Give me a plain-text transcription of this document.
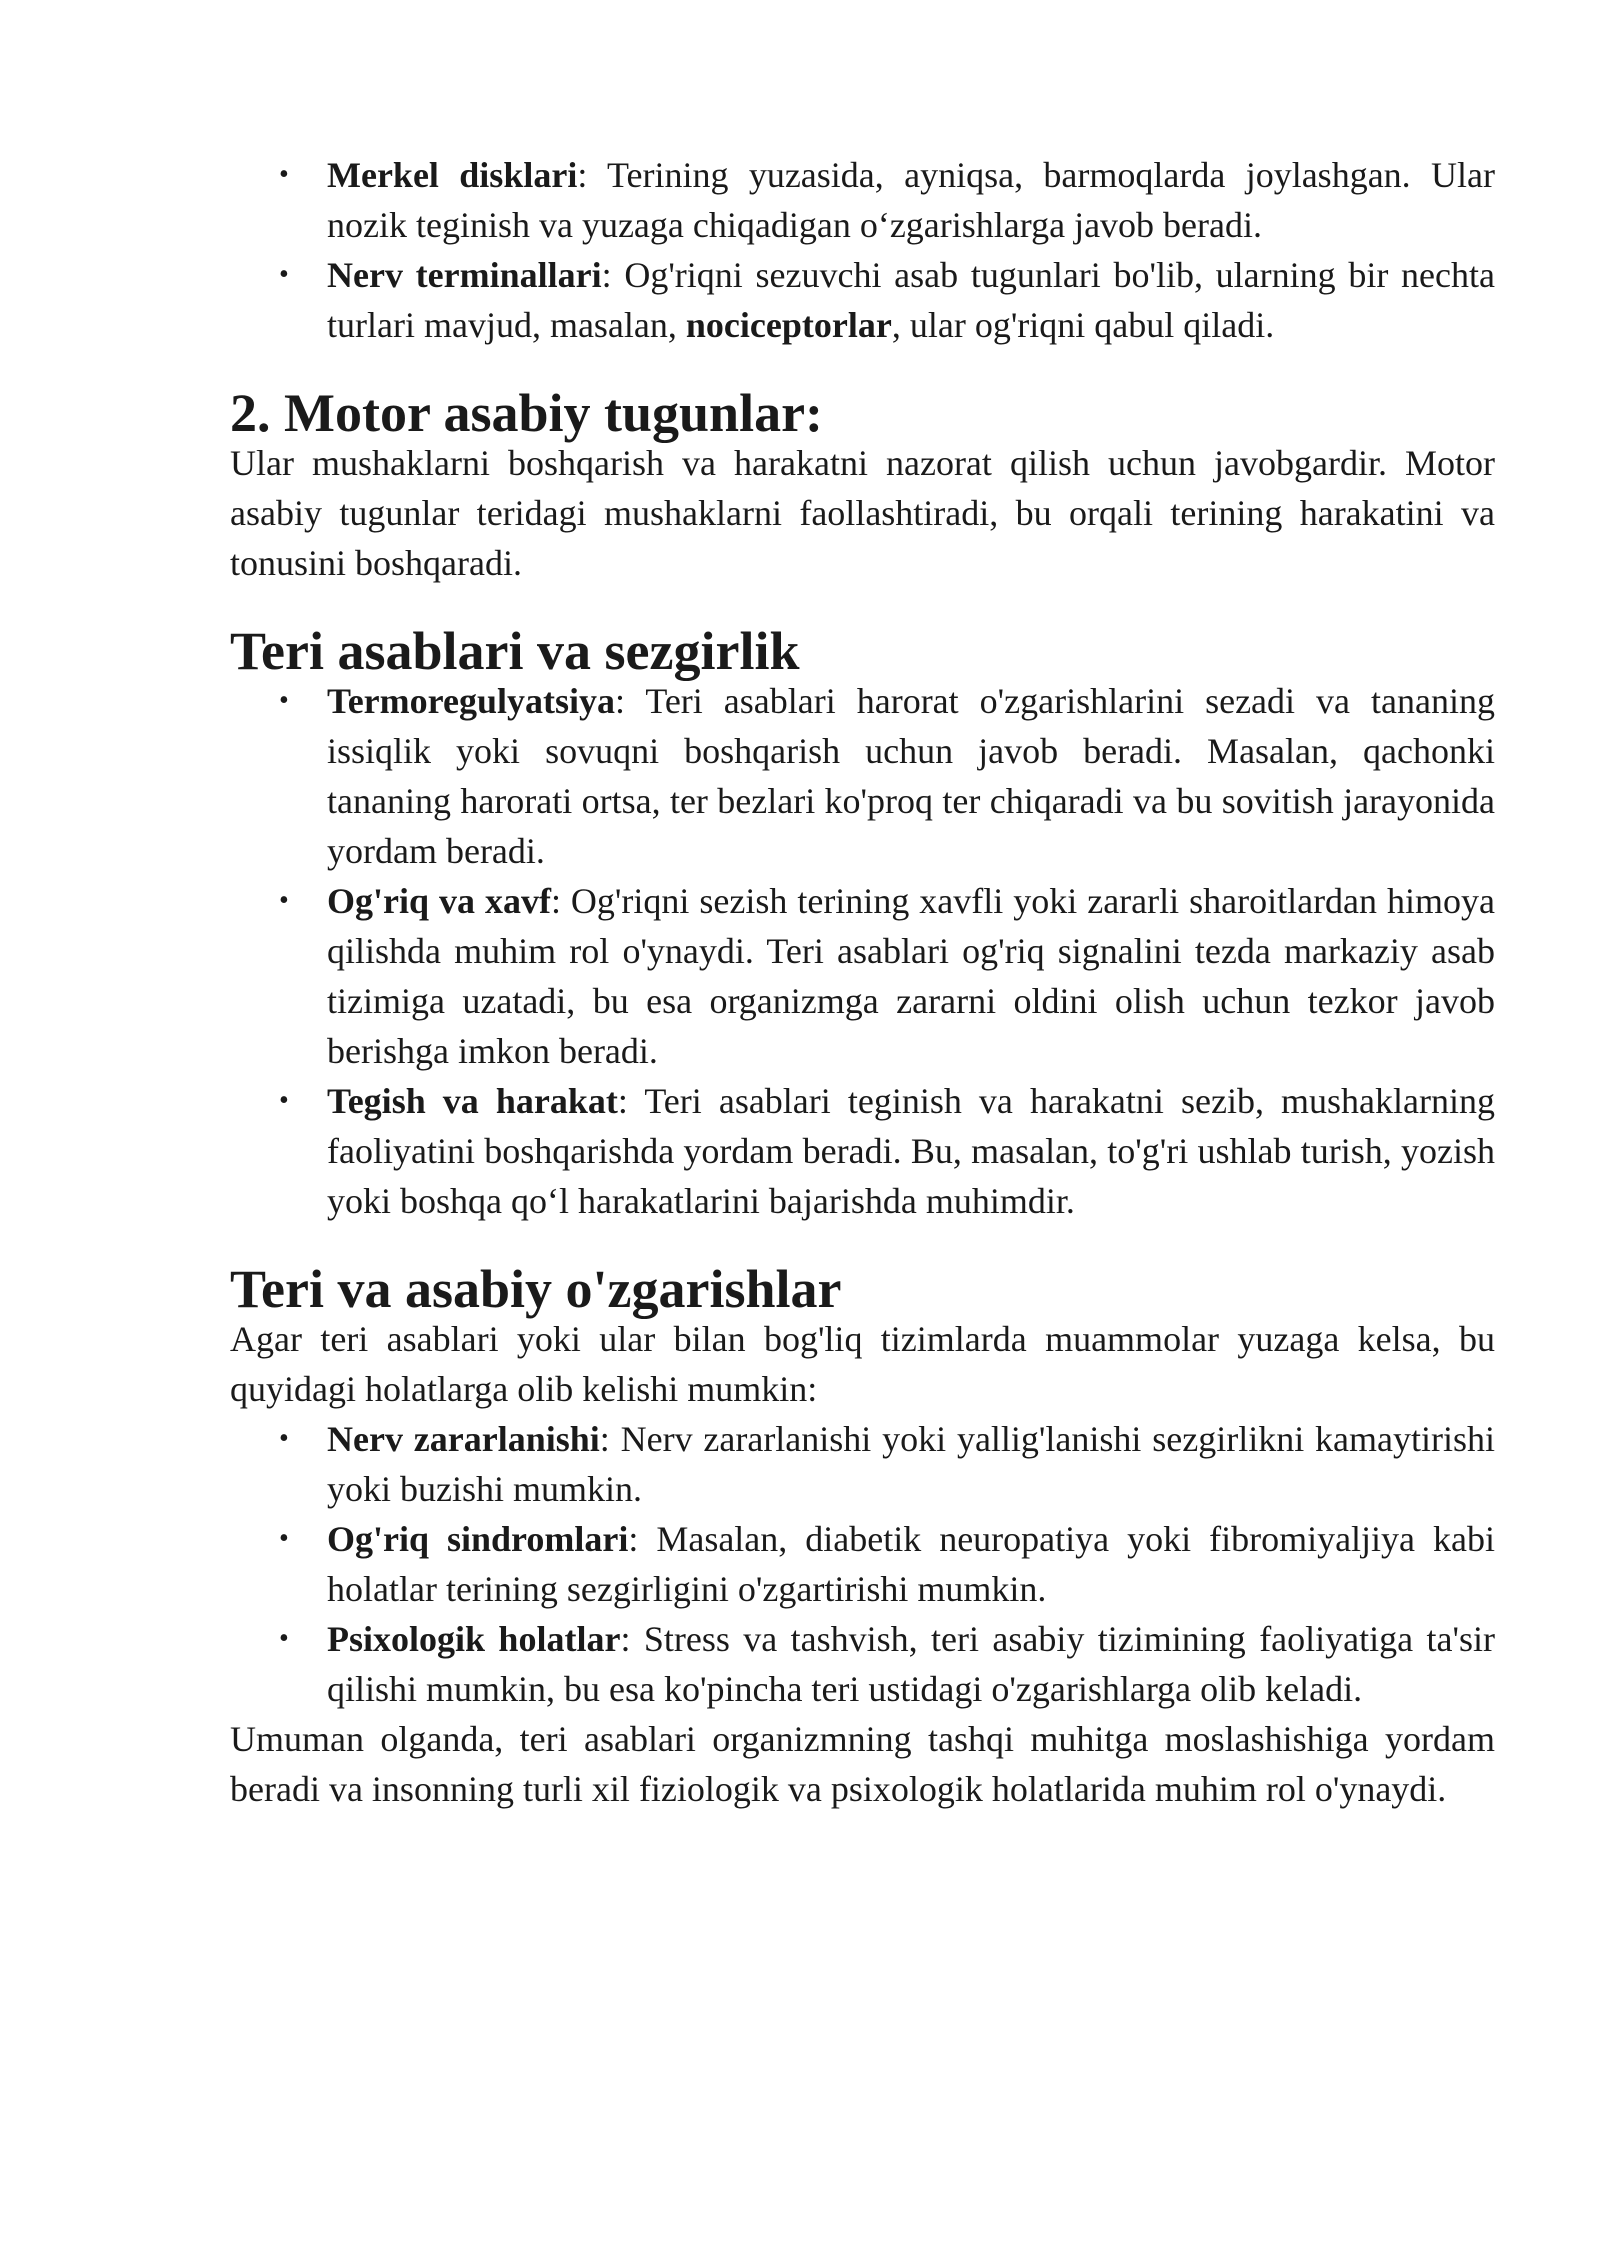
• Merkel disklari: Terining yuzasida, ayniqsa, barmoqlarda joylashgan. Ular nozik teginish va yuzaga chiqadigan o‘zgarishlarga javob beradi.
• Nerv terminallari: Og'riqni sezuvchi asab tugunlari bo'lib, ularning bir nechta turlari mavjud, masalan, nociceptorlar, ular og'riqni qabul qiladi.
2. Motor asabiy tugunlar:

Ular mushaklarni boshqarish va harakatni nazorat qilish uchun javobgardir. Motor asabiy tugunlar teridagi mushaklarni faollashtiradi, bu orqali terining harakatini va tonusini boshqaradi.

Teri asablari va sezgirlik
• Termoregulyatsiya: Teri asablari harorat o'zgarishlarini sezadi va tananing issiqlik yoki sovuqni boshqarish uchun javob beradi. Masalan, qachonki tananing harorati ortsa, ter bezlari ko'proq ter chiqaradi va bu sovitish jarayonida yordam beradi.
• Og'riq va xavf: Og'riqni sezish terining xavfli yoki zararli sharoitlardan himoya qilishda muhim rol o'ynaydi. Teri asablari og'riq signalini tezda markaziy asab tizimiga uzatadi, bu esa organizmga zararni oldini olish uchun tezkor javob berishga imkon beradi.
• Tegish va harakat: Teri asablari teginish va harakatni sezib, mushaklarning faoliyatini boshqarishda yordam beradi. Bu, masalan, to'g'ri ushlab turish, yozish yoki boshqa qo‘l harakatlarini bajarishda muhimdir.
Teri va asabiy o'zgarishlar

Agar teri asablari yoki ular bilan bog'liq tizimlarda muammolar yuzaga kelsa, bu quyidagi holatlarga olib kelishi mumkin:

• Nerv zararlanishi: Nerv zararlanishi yoki yallig'lanishi sezgirlikni kamaytirishi yoki buzishi mumkin.
• Og'riq sindromlari: Masalan, diabetik neuropatiya yoki fibromiyaljiya kabi holatlar terining sezgirligini o'zgartirishi mumkin.
• Psixologik holatlar: Stress va tashvish, teri asabiy tizimining faoliyatiga ta'sir qilishi mumkin, bu esa ko'pincha teri ustidagi o'zgarishlarga olib keladi.

Umuman olganda, teri asablari organizmning tashqi muhitga moslashishiga yordam beradi va insonning turli xil fiziologik va psixologik holatlarida muhim rol o'ynaydi.
